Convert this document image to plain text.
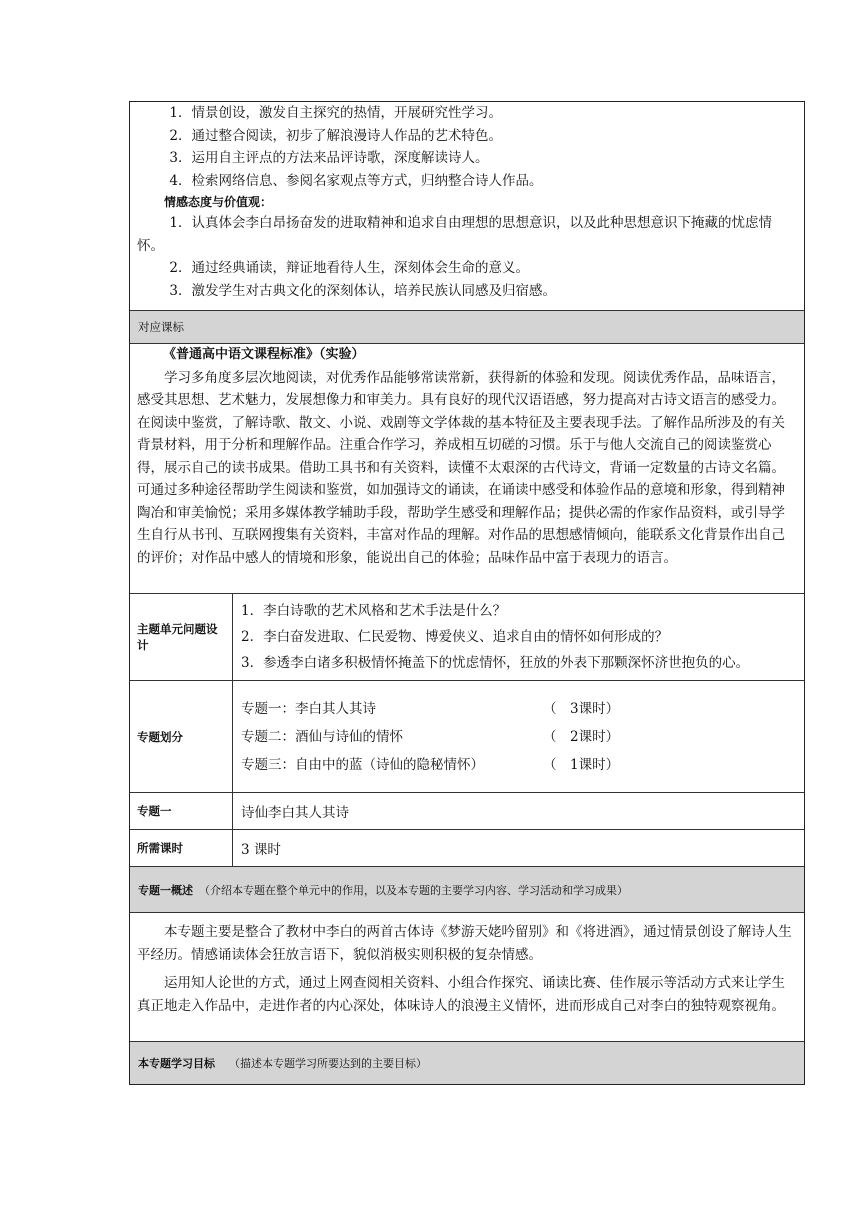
1．情景创设，激发自主探究的热情，开展研究性学习。

2．通过整合阅读，初步了解浪漫诗人作品的艺术特色。

3．运用自主评点的方法来品评诗歌，深度解读诗人。

4．检索网络信息、参阅名家观点等方式，归纳整合诗人作品。

情感态度与价值观：

1．认真体会李白昂扬奋发的进取精神和追求自由理想的思想意识，以及此种思想意识下掩藏的忧虑情怀。

2．通过经典诵读，辩证地看待人生，深刻体会生命的意义。

3．激发学生对古典文化的深刻体认，培养民族认同感及归宿感。

对应课标

《普通高中语文课程标准》（实验）

学习多角度多层次地阅读，对优秀作品能够常读常新，获得新的体验和发现。阅读优秀作品，品味语言，感受其思想、艺术魅力，发展想像力和审美力。具有良好的现代汉语语感，努力提高对古诗文语言的感受力。在阅读中鉴赏，了解诗歌、散文、小说、戏剧等文学体裁的基本特征及主要表现手法。了解作品所涉及的有关背景材料，用于分析和理解作品。注重合作学习，养成相互切磋的习惯。乐于与他人交流自己的阅读鉴赏心得，展示自己的读书成果。借助工具书和有关资料，读懂不太艰深的古代诗文，背诵一定数量的古诗文名篇。可通过多种途径帮助学生阅读和鉴赏，如加强诗文的诵读，在诵读中感受和体验作品的意境和形象，得到精神陶冶和审美愉悦；采用多媒体教学辅助手段，帮助学生感受和理解作品；提供必需的作家作品资料，或引导学生自行从书刊、互联网搜集有关资料，丰富对作品的理解。对作品的思想感情倾向，能联系文化背景作出自己的评价；对作品中感人的情境和形象，能说出自己的体验；品味作品中富于表现力的语言。

主题单元问题设计

1．李白诗歌的艺术风格和艺术手法是什么？

2．李白奋发进取、仁民爱物、博爱侠义、追求自由的情怀如何形成的？

3．参透李白诸多积极情怀掩盖下的忧虑情怀，狂放的外表下那颗深怀济世抱负的心。

专题划分
专题一：李白其人其诗	（　3课时）
专题二：酒仙与诗仙的情怀	（　2课时）
专题三：自由中的蓝（诗仙的隐秘情怀）	（　1课时）
专题一	诗仙李白其人其诗
所需课时	3 课时
专题一概述 （介绍本专题在整个单元中的作用，以及本专题的主要学习内容、学习活动和学习成果）

本专题主要是整合了教材中李白的两首古体诗《梦游天姥吟留别》和《将进酒》，通过情景创设了解诗人生平经历。情感诵读体会狂放言语下，貌似消极实则积极的复杂情感。

运用知人论世的方式，通过上网查阅相关资料、小组合作探究、诵读比赛、佳作展示等活动方式来让学生真正地走入作品中，走进作者的内心深处，体味诗人的浪漫主义情怀，进而形成自己对李白的独特观察视角。

本专题学习目标 （描述本专题学习所要达到的主要目标）
